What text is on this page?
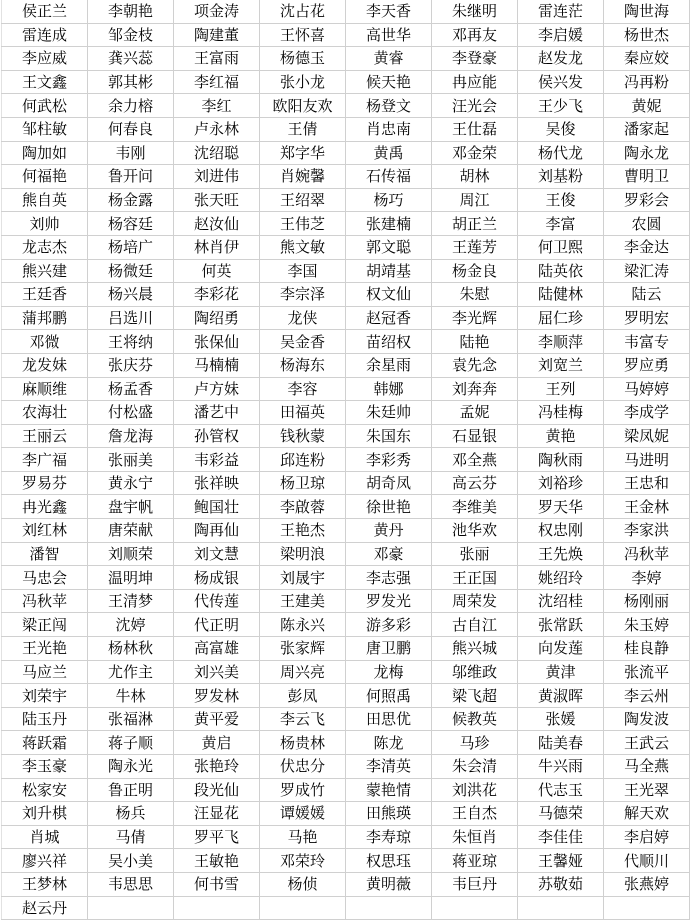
侯正兰	李朝艳	项金涛	沈占花	李天香	朱继明	雷连茫	陶世海
雷连成	邹金枝	陶建董	王怀喜	高世华	邓再友	李启媛	杨世杰
李应威	龚兴蕊	王富雨	杨德玉	黄睿	李登豪	赵发龙	秦应姣
王文鑫	郭其彬	李红福	张小龙	候天艳	冉应能	侯兴发	冯再粉
何武松	余力榕	李红	欧阳友欢	杨登文	汪光会	王少飞	黄妮
邹柱敏	何春良	卢永林	王倩	肖忠南	王仕磊	吴俊	潘家起
陶加如	韦刚	沈绍聪	郑字华	黄禹	邓金荣	杨代龙	陶永龙
何福艳	鲁开问	刘进伟	肖婉馨	石传福	胡林	刘基粉	曹明卫
熊自英	杨金露	张天旺	王绍翠	杨巧	周江	王俊	罗彩会
刘帅	杨容廷	赵汝仙	王伟芝	张建楠	胡正兰	李富	农圆
龙志杰	杨培广	林肖伊	熊文敏	郭文聪	王莲芳	何卫熙	李金达
熊兴建	杨微廷	何英	李国	胡靖基	杨金良	陆英依	梁汇涛
王廷香	杨兴晨	李彩花	李宗泽	权文仙	朱慰	陆健林	陆云
蒲邦鹏	吕选川	陶绍勇	龙侠	赵冠香	李光辉	屈仁珍	罗明宏
邓微	王将纳	张保仙	吴金香	苗绍权	陆艳	李顺萍	韦富专
龙发妹	张庆芬	马楠楠	杨海东	余星雨	袁先念	刘宽兰	罗应勇
麻顺维	杨孟香	卢方妹	李容	韩娜	刘奔奔	王列	马婷婷
农海壮	付松盛	潘艺中	田福英	朱廷帅	孟妮	冯桂梅	李成学
王丽云	詹龙海	孙管权	钱秋蒙	朱国东	石显银	黄艳	梁凤妮
李广福	张丽美	韦彩益	邱连粉	李彩秀	邓全燕	陶秋雨	马进明
罗易芬	黄永宁	张祥映	杨卫琼	胡奇凤	高云芬	刘裕珍	王忠和
冉光鑫	盘宇帆	鲍国壮	李啟蓉	徐世艳	李维美	罗天华	王金林
刘红林	唐荣献	陶再仙	王艳杰	黄丹	池华欢	权忠刚	李家洪
潘智	刘顺荣	刘文慧	梁明浪	邓豪	张丽	王先焕	冯秋苹
马忠会	温明坤	杨成银	刘晟宇	李志强	王正国	姚绍玲	李婷
冯秋苹	王清梦	代传莲	王建美	罗发光	周荣发	沈绍桂	杨刚丽
梁正闯	沈婷	代正明	陈永兴	游多彩	古自江	张常跃	朱玉婷
王光艳	杨林秋	高富雄	张家辉	唐卫鹏	熊兴城	向发莲	桂良静
马应兰	尤作主	刘兴美	周兴亮	龙梅	邬维政	黄津	张流平
刘荣宇	牛林	罗发林	彭凤	何照禹	梁飞超	黄淑晖	李云州
陆玉丹	张福淋	黄平爱	李云飞	田思优	候教英	张媛	陶发波
蒋跃霜	蒋子顺	黄启	杨贵林	陈龙	马珍	陆美春	王武云
李玉豪	陶永光	张艳玲	伏忠分	李清英	朱会清	牛兴雨	马全燕
松家安	鲁正明	段光仙	罗成竹	蒙艳情	刘洪花	代志玉	王光翠
刘升棋	杨兵	汪显花	谭媛媛	田熊瑛	王自杰	马德荣	解天欢
肖城	马倩	罗平飞	马艳	李寿琼	朱恒肖	李佳佳	李启婷
廖兴祥	吴小美	王敏艳	邓荣玲	权思珏	蒋亚琼	王馨娅	代顺川
王梦林	韦思思	何书雪	杨侦	黄明薇	韦巨丹	苏敬茹	张燕婷
赵云丹							
